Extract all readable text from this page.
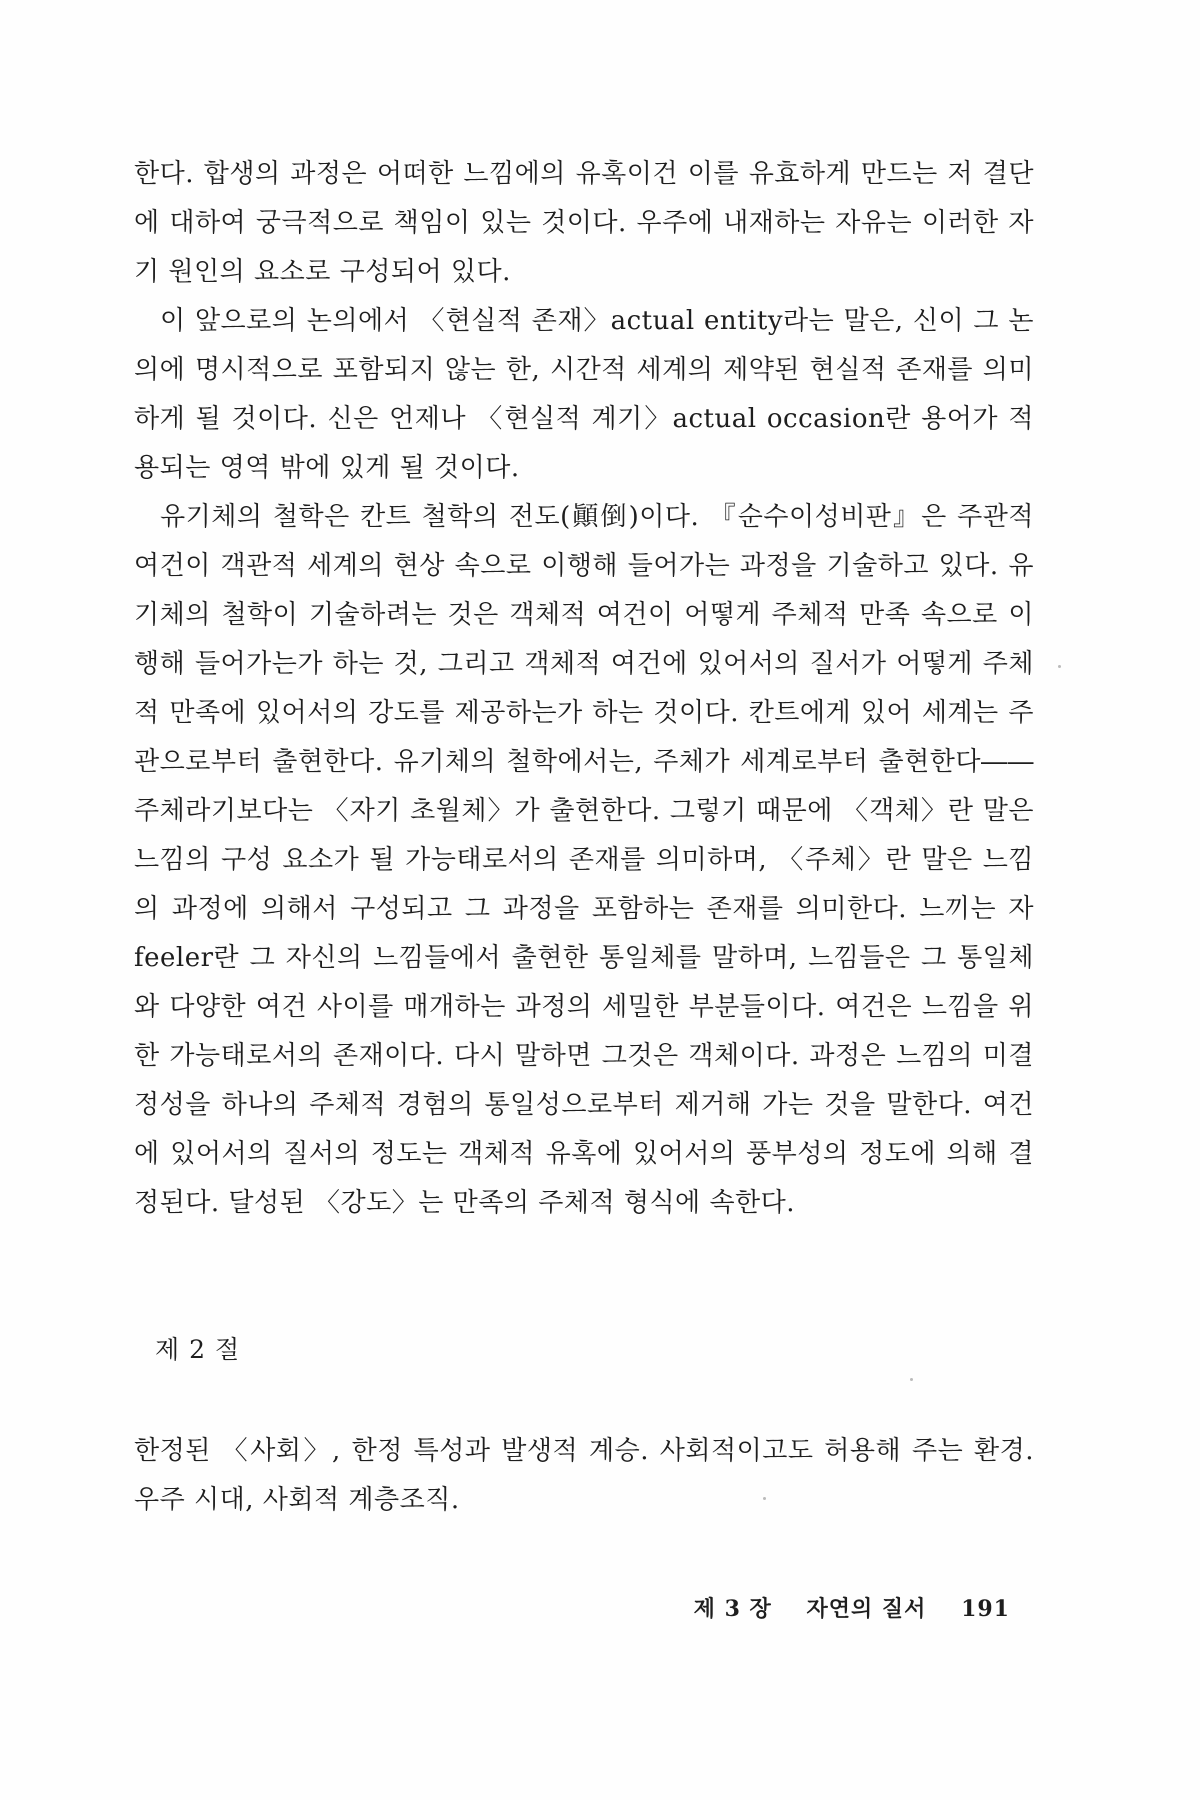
한다. 합생의 과정은 어떠한 느낌에의 유혹이건 이를 유효하게 만드는 저 결단에 대하여 궁극적으로 책임이 있는 것이다. 우주에 내재하는 자유는 이러한 자기 원인의 요소로 구성되어 있다.

이 앞으로의 논의에서 〈현실적 존재〉actual entity라는 말은, 신이 그 논의에 명시적으로 포함되지 않는 한, 시간적 세계의 제약된 현실적 존재를 의미하게 될 것이다. 신은 언제나 〈현실적 계기〉actual occasion란 용어가 적용되는 영역 밖에 있게 될 것이다.

유기체의 철학은 칸트 철학의 전도(顚倒)이다. 『순수이성비판』은 주관적 여건이 객관적 세계의 현상 속으로 이행해 들어가는 과정을 기술하고 있다. 유기체의 철학이 기술하려는 것은 객체적 여건이 어떻게 주체적 만족 속으로 이행해 들어가는가 하는 것, 그리고 객체적 여건에 있어서의 질서가 어떻게 주체적 만족에 있어서의 강도를 제공하는가 하는 것이다. 칸트에게 있어 세계는 주관으로부터 출현한다. 유기체의 철학에서는, 주체가 세계로부터 출현한다――주체라기보다는 〈자기 초월체〉가 출현한다. 그렇기 때문에 〈객체〉란 말은 느낌의 구성 요소가 될 가능태로서의 존재를 의미하며, 〈주체〉란 말은 느낌의 과정에 의해서 구성되고 그 과정을 포함하는 존재를 의미한다. 느끼는 자 feeler란 그 자신의 느낌들에서 출현한 통일체를 말하며, 느낌들은 그 통일체와 다양한 여건 사이를 매개하는 과정의 세밀한 부분들이다. 여건은 느낌을 위한 가능태로서의 존재이다. 다시 말하면 그것은 객체이다. 과정은 느낌의 미결정성을 하나의 주체적 경험의 통일성으로부터 제거해 가는 것을 말한다. 여건에 있어서의 질서의 정도는 객체적 유혹에 있어서의 풍부성의 정도에 의해 결정된다. 달성된 〈강도〉는 만족의 주체적 형식에 속한다.

제 2 절

한정된 〈사회〉, 한정 특성과 발생적 계승. 사회적이고도 허용해 주는 환경. 우주 시대, 사회적 계층조직.

제 3 장 자연의 질서 191
